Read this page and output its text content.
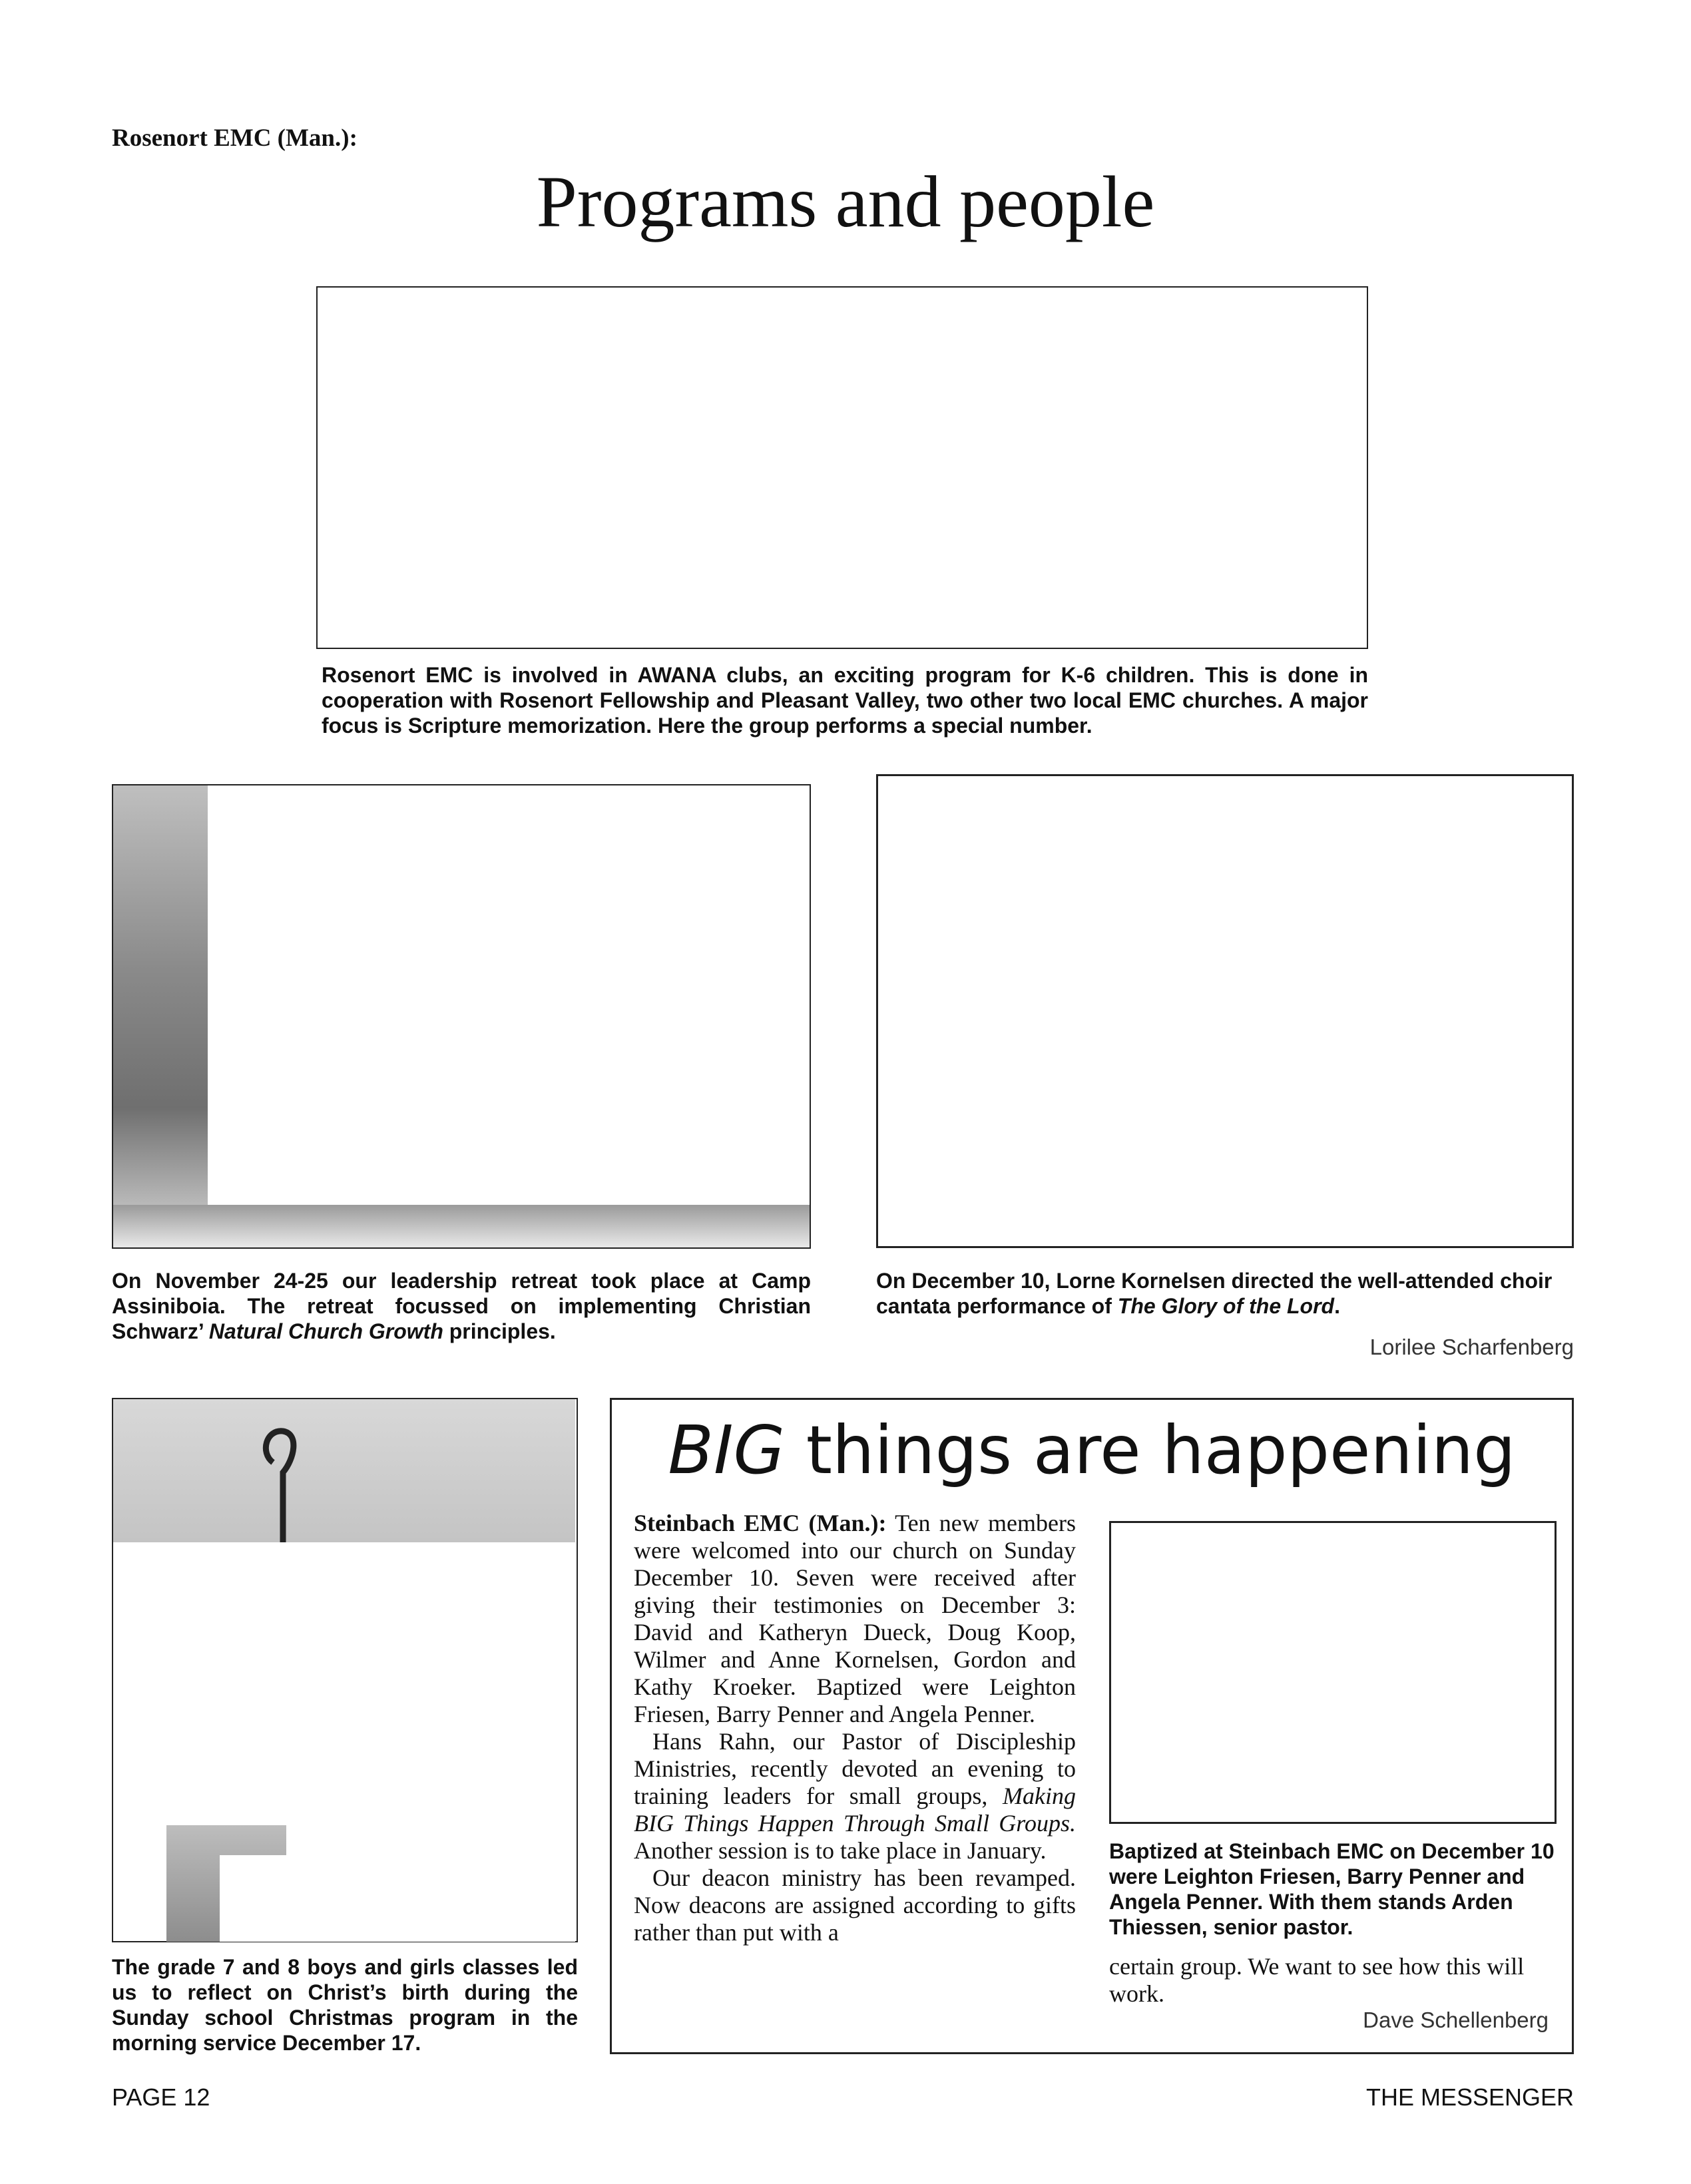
Rosenort EMC (Man.):
Programs and people
Rosenort EMC is involved in AWANA clubs, an exciting program for K-6 children. This is done in cooperation with Rosenort Fellowship and Pleasant Valley, two other two local EMC churches. A major focus is Scripture memorization. Here the group performs a special number.
On November 24-25 our leadership retreat took place at Camp Assiniboia. The retreat focussed on implementing Christian Schwarz’ Natural Church Growth principles.
On December 10, Lorne Kornelsen directed the well-attended choir cantata performance of The Glory of the Lord.
Lorilee Scharfenberg
The grade 7 and 8 boys and girls classes led us to reflect on Christ’s birth during the Sunday school Christmas program in the morning service December 17.
BIG things are happening

Steinbach EMC (Man.): Ten new members were welcomed into our church on Sunday December 10. Seven were received after giving their testimonies on December 3: David and Katheryn Dueck, Doug Koop, Wilmer and Anne Kornelsen, Gordon and Kathy Kroeker. Baptized were Leighton Friesen, Barry Penner and Angela Penner.

Hans Rahn, our Pastor of Discipleship Ministries, recently devoted an evening to training leaders for small groups, Making BIG Things Happen Through Small Groups. Another session is to take place in January.

Our deacon ministry has been revamped. Now deacons are assigned according to gifts rather than put with a

Baptized at Steinbach EMC on December 10 were Leighton Friesen, Barry Penner and Angela Penner. With them stands Arden Thiessen, senior pastor.
certain group. We want to see how this will work.
Dave Schellenberg
PAGE 12	THE MESSENGER
